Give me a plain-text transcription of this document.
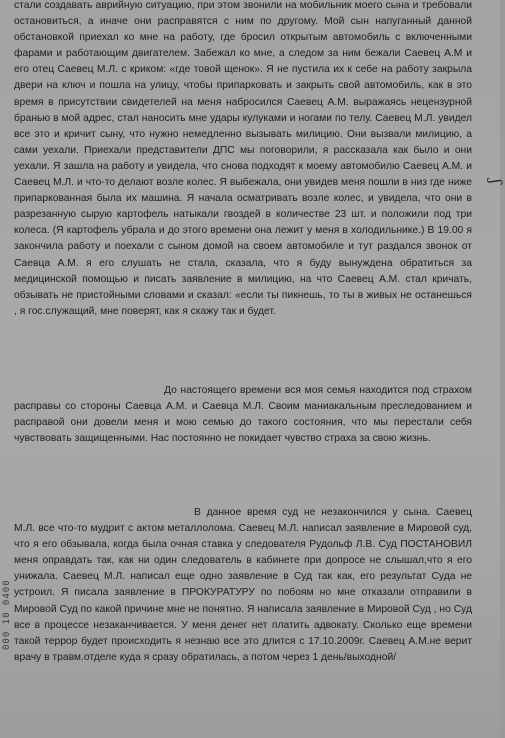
стали создавать аврийную ситуацию, при этом звонили на мобильник моего сына и требовали остановиться, а иначе они расправятся с ним по другому. Мой сын напуганный данной обстановкой приехал ко мне на работу, где бросил открытым автомобиль с включенными фарами и работающим двигателем. Забежал ко мне, а следом за ним бежали Саевец А.М и его отец Саевец М.Л. с криком: «где товой щенок». Я не пустила их к себе на работу закрыла двери на ключ и пошла на улицу, чтобы припарковать и закрыть свой автомобиль, как в это время в присутствии свидетелей на меня набросился Саевец А.М. выражаясь нецензурной бранью в мой адрес, стал наносить мне удары кулуками и ногами по телу. Саевец М.Л. увидел все это и кричит сыну, что нужно немедленно вызывать милицию. Они вызвали милицию, а сами уехали. Приехали представители ДПС мы поговорили, я рассказала как было и они уехали. Я зашла на работу и увидела, что снова подходят к моему автомобилю Саевец А.М. и Саевец М.Л. и что-то делают возле колес. Я выбежала, они увидев меня пошли в низ где ниже припаркованная была их машина. Я начала осматривать возле колес, и увидела, что они в разрезанную сырую картофель натыкали гвоздей в количестве 23 шт. и положили под три колеса. (Я картофель убрала и до этого времени она лежит у меня в холодильнике.) В 19.00 я закончила работу и поехали с сыном домой на своем автомобиле и тут раздался звонок от Саевца А.М. я его слушать не стала, сказала, что я буду вынуждена обратиться за медицинской помощью и писать заявление в милицию, на что Саевец А.М. стал кричать, обзывать не пристойными словами и сказал: «если ты пикнешь, то ты в живых не останешься , я гос.служащий, мне поверят, как я скажу так и будет.

До настоящего времени вся моя семья находится под страхом расправы со стороны Саевца А.М. и Саевца М.Л. Своим маниакальным преследованием и расправой они довели меня и мою семью до такого состояния, что мы перестали себя чувствовать защищенными. Нас постоянно не покидает чувство страха за свою жизнь.

В данное время суд не незакончился у сына. Саевец М.Л. все что-то мудрит с актом металлолома. Саевец М.Л. написал заявление в Мировой суд, что я его обзывала, когда была очная ставка у следователя Рудольф Л.В. Суд ПОСТАНОВИЛ меня оправдать так, как ни один следователь в кабинете при допросе не слышал,что я его унижала. Саевец М.Л. написал еще одно заявление в Суд так как, его результат Суда не устроил. Я писала заявление в ПРОКУРАТУРУ по побоям но мне отказали отправили в Мировой Суд по какой причине мне не понятно. Я написала заявление в Мировой Суд , но Суд все в процессе незаканчивается. У меня денег нет платить адвокату. Сколько еще времени такой террор будет происходить я незнаю все это длится с 17.10.2009г. Саевец А.М.не верит врачу в травм.отделе куда я сразу обратилась, а потом через 1 день/выходной/

ʃ
000 10 0400
